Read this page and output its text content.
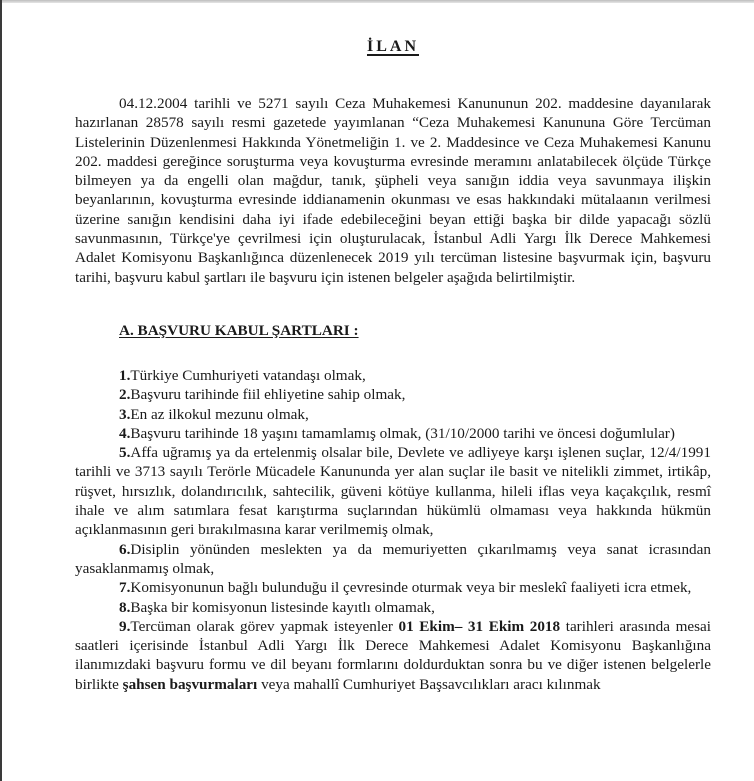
İLAN

04.12.2004 tarihli ve 5271 sayılı Ceza Muhakemesi Kanununun 202. maddesine dayanılarak hazırlanan 28578 sayılı resmi gazetede yayımlanan “Ceza Muhakemesi Kanununa Göre Tercüman Listelerinin Düzenlenmesi Hakkında Yönetmeliğin 1. ve 2. Maddesince ve Ceza Muhakemesi Kanunu 202. maddesi gereğince soruşturma veya kovuşturma evresinde meramını anlatabilecek ölçüde Türkçe bilmeyen ya da engelli olan mağdur, tanık, şüpheli veya sanığın iddia veya savunmaya ilişkin beyanlarının, kovuşturma evresinde iddianamenin okunması ve esas hakkındaki mütalaanın verilmesi üzerine sanığın kendisini daha iyi ifade edebileceğini beyan ettiği başka bir dilde yapacağı sözlü savunmasının, Türkçe'ye çevrilmesi için oluşturulacak, İstanbul Adli Yargı İlk Derece Mahkemesi Adalet Komisyonu Başkanlığınca düzenlenecek 2019 yılı tercüman listesine başvurmak için, başvuru tarihi, başvuru kabul şartları ile başvuru için istenen belgeler aşağıda belirtilmiştir.

A. BAŞVURU KABUL ŞARTLARI :

1.Türkiye Cumhuriyeti vatandaşı olmak,

2.Başvuru tarihinde fiil ehliyetine sahip olmak,

3.En az ilkokul mezunu olmak,

4.Başvuru tarihinde 18 yaşını tamamlamış olmak, (31/10/2000 tarihi ve öncesi doğumlular)

5.Affa uğramış ya da ertelenmiş olsalar bile, Devlete ve adliyeye karşı işlenen suçlar, 12/4/1991 tarihli ve 3713 sayılı Terörle Mücadele Kanununda yer alan suçlar ile basit ve nitelikli zimmet, irtikâp, rüşvet, hırsızlık, dolandırıcılık, sahtecilik, güveni kötüye kullanma, hileli iflas veya kaçakçılık, resmî ihale ve alım satımlara fesat karıştırma suçlarından hükümlü olmaması veya hakkında hükmün açıklanmasının geri bırakılmasına karar verilmemiş olmak,

6.Disiplin yönünden meslekten ya da memuriyetten çıkarılmamış veya sanat icrasından yasaklanmamış olmak,

7.Komisyonunun bağlı bulunduğu il çevresinde oturmak veya bir meslekî faaliyeti icra etmek,

8.Başka bir komisyonun listesinde kayıtlı olmamak,

9.Tercüman olarak görev yapmak isteyenler 01 Ekim– 31 Ekim 2018 tarihleri arasında mesai saatleri içerisinde İstanbul Adli Yargı İlk Derece Mahkemesi Adalet Komisyonu Başkanlığına ilanımızdaki başvuru formu ve dil beyanı formlarını doldurduktan sonra bu ve diğer istenen belgelerle birlikte şahsen başvurmaları veya mahallî Cumhuriyet Başsavcılıkları aracı kılınmak
